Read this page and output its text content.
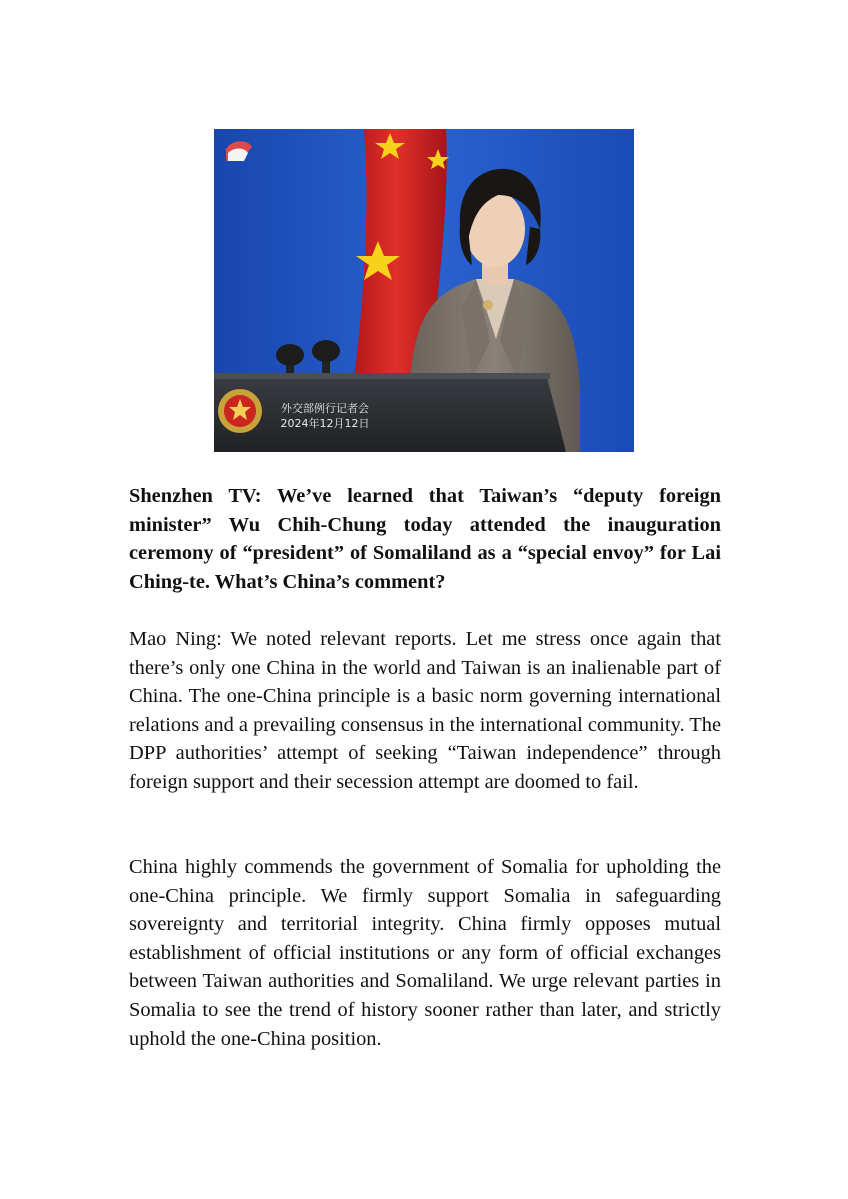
外交部例行记者会
2024年12月12日

Shenzhen TV: We’ve learned that Taiwan’s “deputy foreign minister” Wu Chih-Chung today attended the inauguration ceremony of “president” of Somaliland as a “special envoy” for Lai Ching-te. What’s China’s comment?

Mao Ning: We noted relevant reports. Let me stress once again that there’s only one China in the world and Taiwan is an inalienable part of China. The one-China principle is a basic norm governing international relations and a prevailing consensus in the international community. The DPP authorities’ attempt of seeking “Taiwan independence” through foreign support and their secession attempt are doomed to fail.

China highly commends the government of Somalia for upholding the one-China principle. We firmly support Somalia in safeguarding sovereignty and territorial integrity. China firmly opposes mutual establishment of official institutions or any form of official exchanges between Taiwan authorities and Somaliland. We urge relevant parties in Somalia to see the trend of history sooner rather than later, and strictly uphold the one-China position.
